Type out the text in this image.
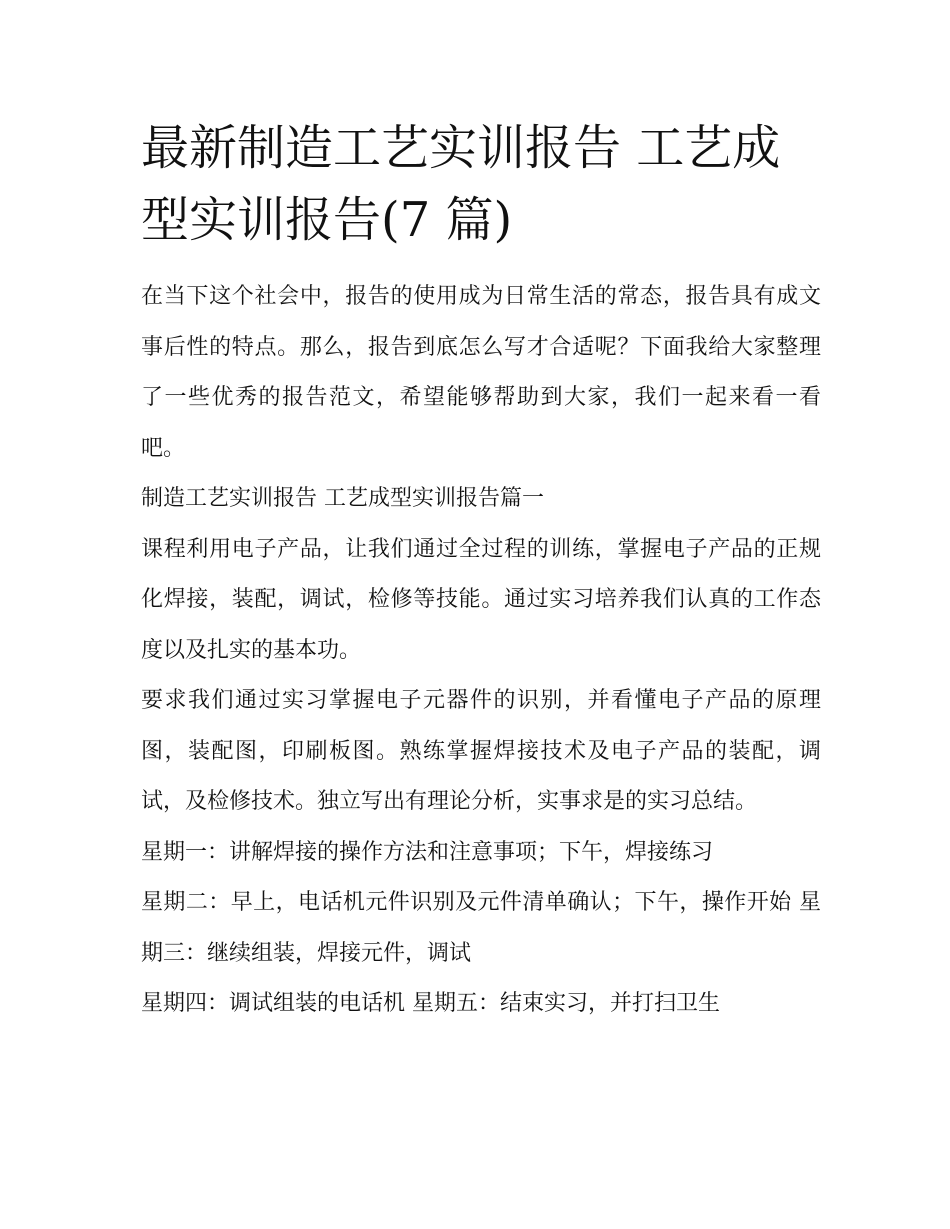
最新制造工艺实训报告 工艺成型实训报告(7 篇)

在当下这个社会中，报告的使用成为日常生活的常态，报告具有成文事后性的特点。那么，报告到底怎么写才合适呢？下面我给大家整理了一些优秀的报告范文，希望能够帮助到大家，我们一起来看一看吧。

制造工艺实训报告 工艺成型实训报告篇一

课程利用电子产品，让我们通过全过程的训练，掌握电子产品的正规化焊接，装配，调试，检修等技能。通过实习培养我们认真的工作态度以及扎实的基本功。

要求我们通过实习掌握电子元器件的识别，并看懂电子产品的原理图，装配图，印刷板图。熟练掌握焊接技术及电子产品的装配，调试，及检修技术。独立写出有理论分析，实事求是的实习总结。

星期一：讲解焊接的操作方法和注意事项；下午，焊接练习

星期二：早上，电话机元件识别及元件清单确认；下午，操作开始 星期三：继续组装，焊接元件，调试

星期四：调试组装的电话机 星期五：结束实习，并打扫卫生
